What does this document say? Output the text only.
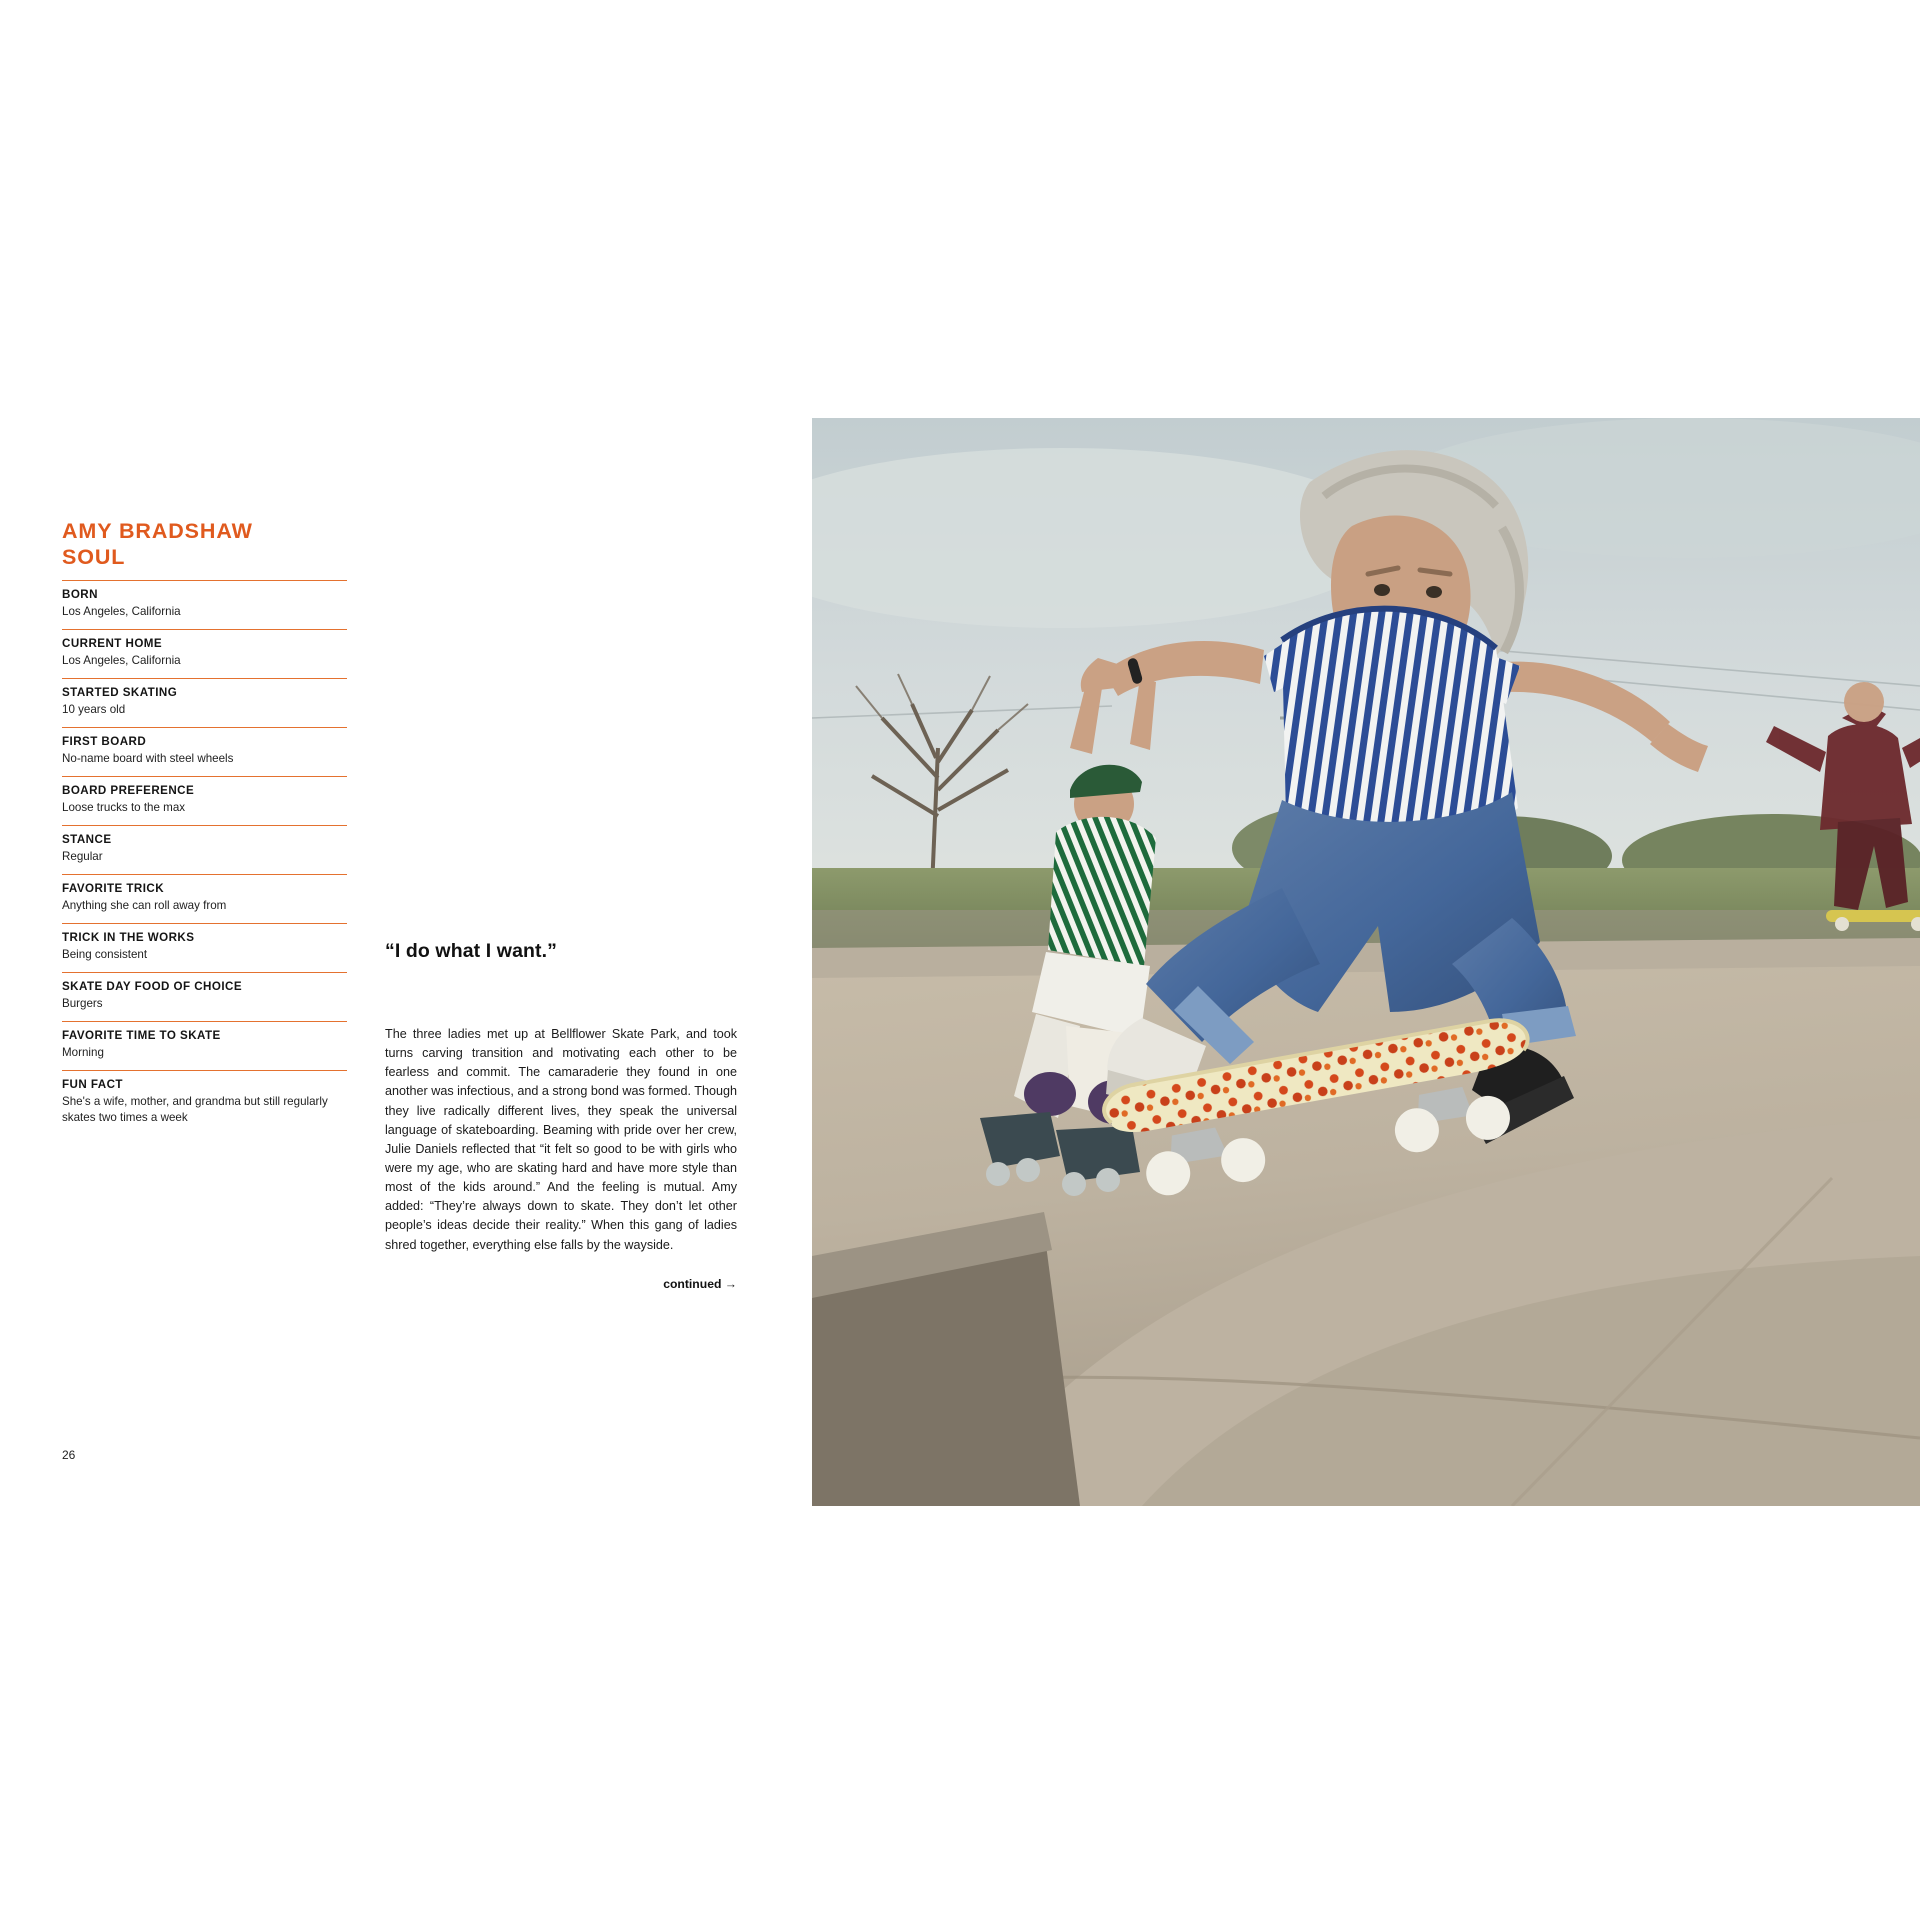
AMY BRADSHAW
SOUL

BORN

Los Angeles, California

CURRENT HOME

Los Angeles, California

STARTED SKATING

10 years old

FIRST BOARD

No-name board with steel wheels

BOARD PREFERENCE

Loose trucks to the max

STANCE

Regular

FAVORITE TRICK

Anything she can roll away from

TRICK IN THE WORKS

Being consistent

SKATE DAY FOOD OF CHOICE

Burgers

FAVORITE TIME TO SKATE

Morning

FUN FACT

She's a wife, mother, and grandma but still regularly skates two times a week

“I do what I want.”

The three ladies met up at Bellflower Skate Park, and took turns carving transition and motivating each other to be fearless and commit. The camaraderie they found in one another was infectious, and a strong bond was formed. Though they live radically different lives, they speak the universal language of skateboarding. Beaming with pride over her crew, Julie Daniels reflected that “it felt so good to be with girls who were my age, who are skating hard and have more style than most of the kids around.” And the feeling is mutual. Amy added: “They’re always down to skate. They don’t let other people’s ideas decide their reality.” When this gang of ladies shred together, everything else falls by the wayside.

continued →

26
